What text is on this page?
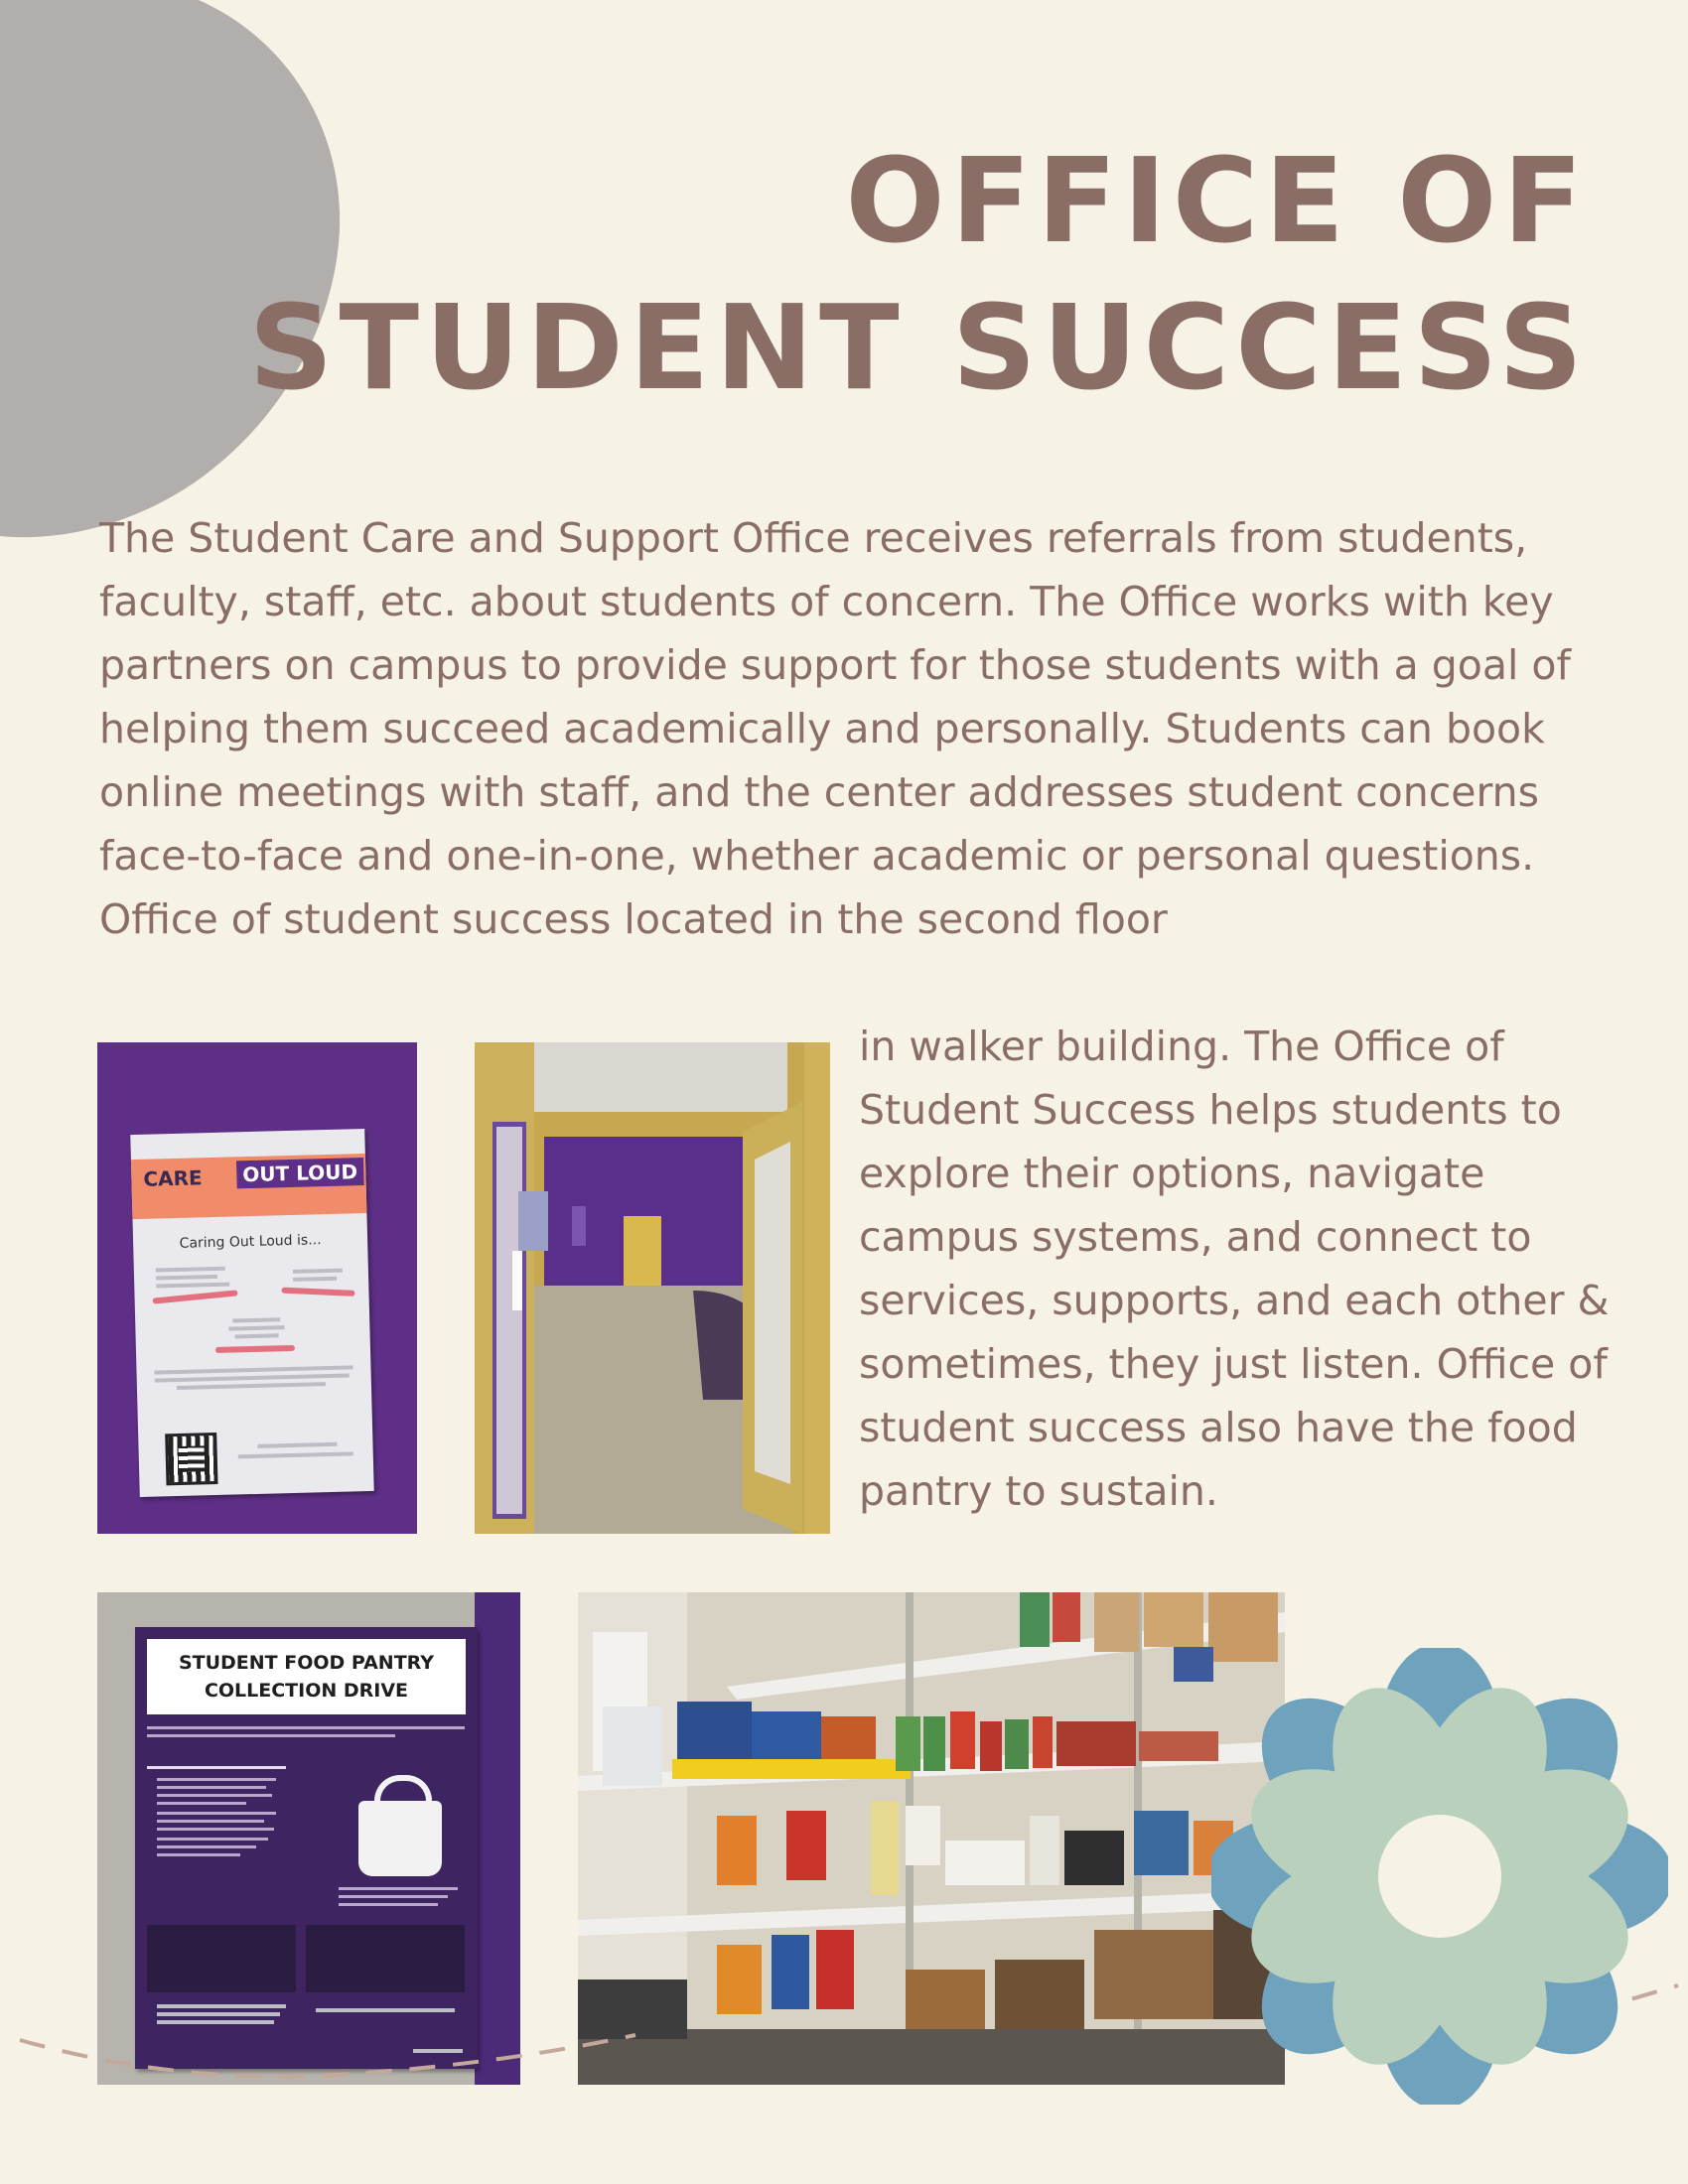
OFFICE OF
STUDENT SUCCESS

The Student Care and Support Office receives referrals from students, faculty, staff, etc. about students of concern. The Office works with key partners on campus to provide support for those students with a goal of helping them succeed academically and personally. Students can book online meetings with staff, and the center addresses student concerns face-to-face and one-in-one, whether academic or personal questions. Office of student success located in the second floor

CARE	OUT LOUD
Caring Out Loud is...

in walker building. The Office of Student Success helps students to explore their options, navigate campus systems, and connect to services, supports, and each other & sometimes, they just listen. Office of student success also have the food pantry to sustain.

STUDENT FOOD PANTRY
COLLECTION DRIVE
